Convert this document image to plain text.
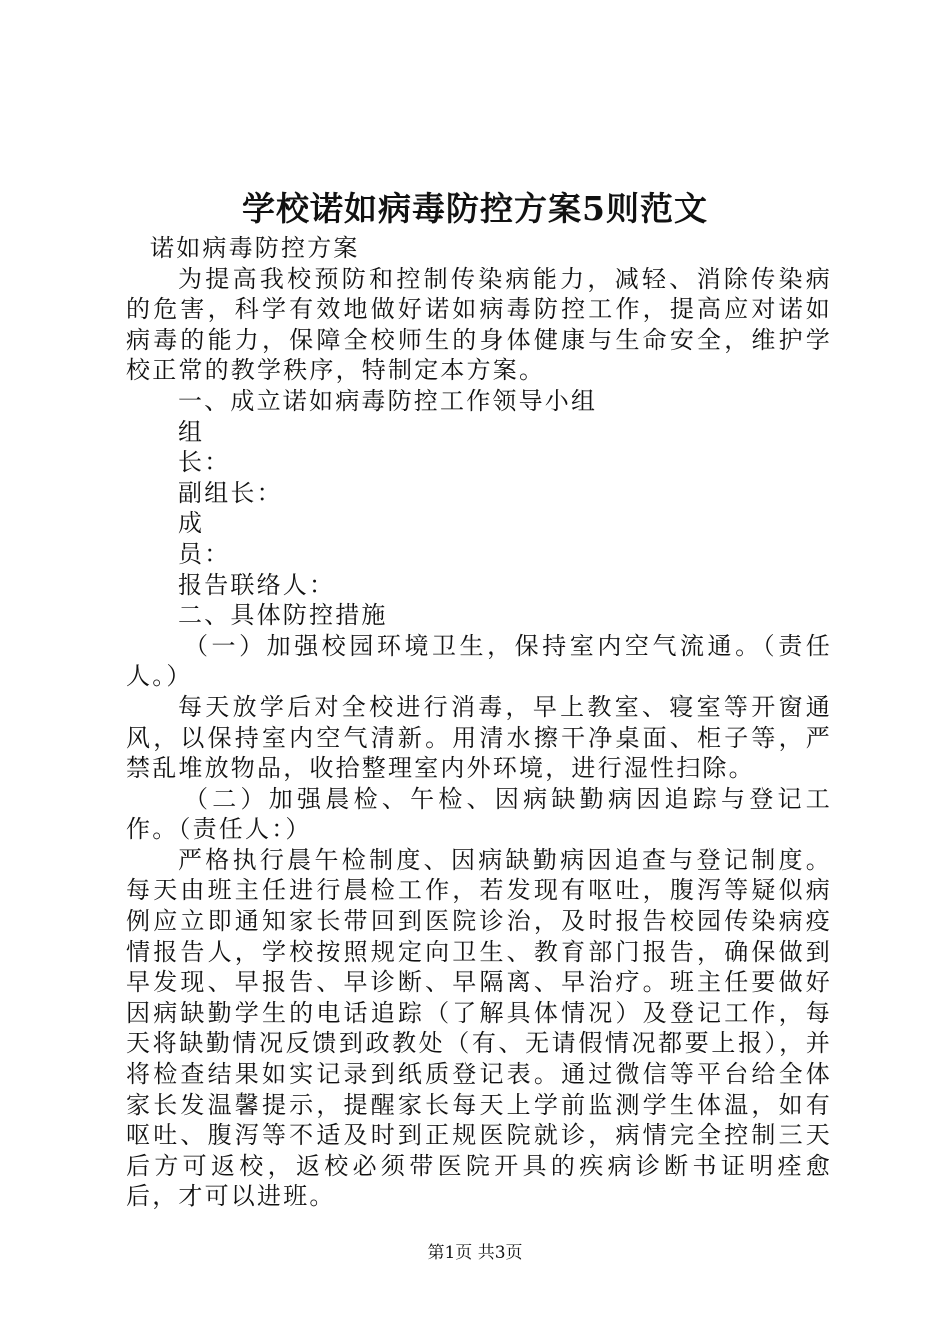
学校诺如病毒防控方案5则范文

诺如病毒防控方案

为提高我校预防和控制传染病能力，减轻、消除传染病的危害，科学有效地做好诺如病毒防控工作，提高应对诺如病毒的能力，保障全校师生的身体健康与生命安全，维护学校正常的教学秩序，特制定本方案。

一、成立诺如病毒防控工作领导小组

组长：

副组长：

成员：

报告联络人：

二、具体防控措施

（一）加强校园环境卫生，保持室内空气流通。（责任人。）

每天放学后对全校进行消毒，早上教室、寝室等开窗通风，以保持室内空气清新。用清水擦干净桌面、柜子等，严禁乱堆放物品，收拾整理室内外环境，进行湿性扫除。

（二）加强晨检、午检、因病缺勤病因追踪与登记工作。（责任人：）

严格执行晨午检制度、因病缺勤病因追查与登记制度。每天由班主任进行晨检工作，若发现有呕吐，腹泻等疑似病例应立即通知家长带回到医院诊治，及时报告校园传染病疫情报告人，学校按照规定向卫生、教育部门报告，确保做到早发现、早报告、早诊断、早隔离、早治疗。班主任要做好因病缺勤学生的电话追踪（了解具体情况）及登记工作，每天将缺勤情况反馈到政教处（有、无请假情况都要上报），并将检查结果如实记录到纸质登记表。通过微信等平台给全体家长发温馨提示，提醒家长每天上学前监测学生体温，如有呕吐、腹泻等不适及时到正规医院就诊，病情完全控制三天后方可返校，返校必须带医院开具的疾病诊断书证明痊愈后，才可以进班。

第1页 共3页
